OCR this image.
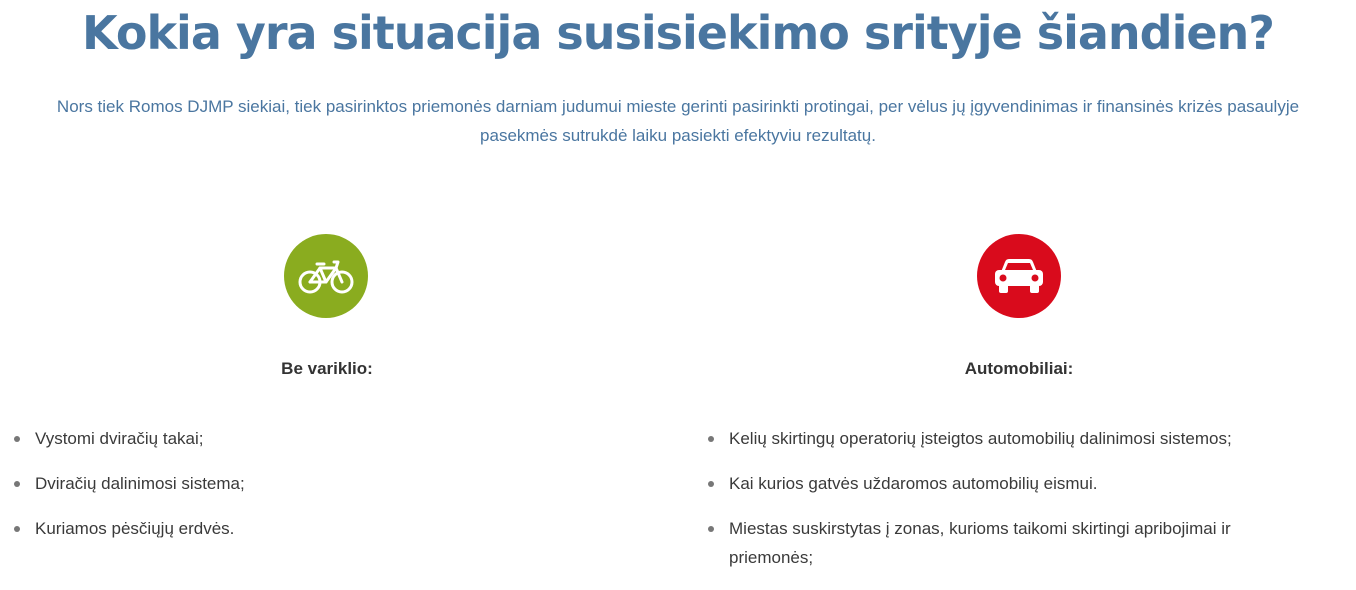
Kokia yra situacija susisiekimo srityje šiandien?

Nors tiek Romos DJMP siekiai, tiek pasirinktos priemonės darniam judumui mieste gerinti pasirinkti protingai, per vėlus jų įgyvendinimas ir finansinės krizės pasaulyje
pasekmės sutrukdė laiku pasiekti efektyviu rezultatų.

Be variklio:
Vystomi dviračių takai;
Dviračių dalinimosi sistema;
Kuriamos pėsčiųjų erdvės.
Automobiliai:
Kelių skirtingų operatorių įsteigtos automobilių dalinimosi sistemos;
Kai kurios gatvės uždaromos automobilių eismui.
Miestas suskirstytas į zonas, kurioms taikomi skirtingi apribojimai ir priemonės;
